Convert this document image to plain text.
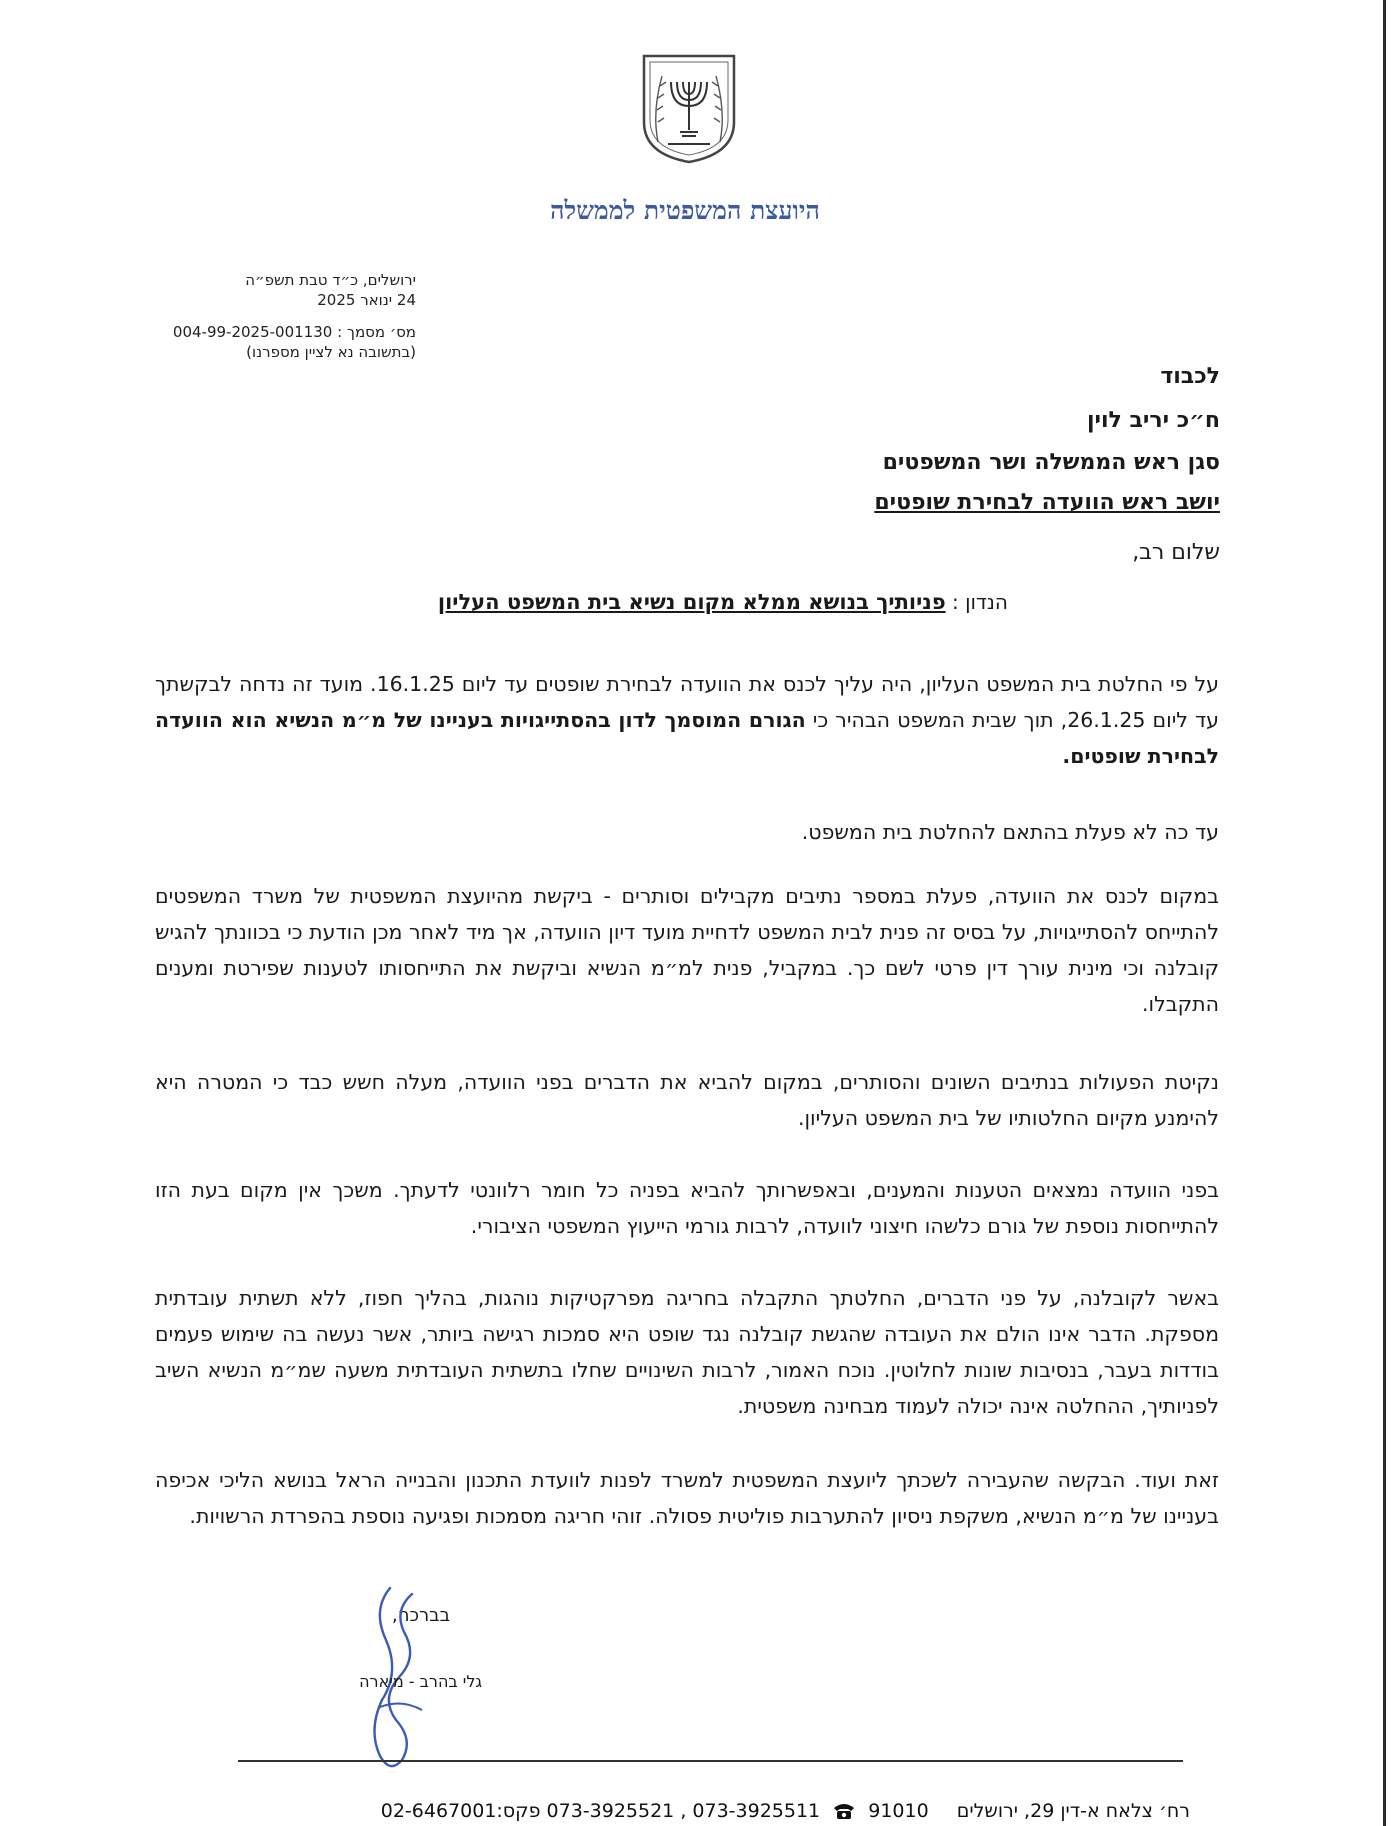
היועצת המשפטית לממשלה
ירושלים, כ״ד טבת תשפ״ה
24 ינואר 2025
מס׳ מסמך : 004-99-2025-001130
(בתשובה נא לציין מספרנו)
לכבוד
ח״כ יריב לוין
סגן ראש הממשלה ושר המשפטים
יושב ראש הוועדה לבחירת שופטים
שלום רב,
הנדון : פניותיך בנושא ממלא מקום נשיא בית המשפט העליון
על פי החלטת בית המשפט העליון, היה עליך לכנס את הוועדה לבחירת שופטים עד ליום 16.1.25. מועד זה נדחה לבקשתך עד ליום 26.1.25, תוך שבית המשפט הבהיר כי הגורם המוסמך לדון בהסתייגויות בעניינו של מ״מ הנשיא הוא הוועדה לבחירת שופטים.
עד כה לא פעלת בהתאם להחלטת בית המשפט.
במקום לכנס את הוועדה, פעלת במספר נתיבים מקבילים וסותרים - ביקשת מהיועצת המשפטית של משרד המשפטים להתייחס להסתייגויות, על בסיס זה פנית לבית המשפט לדחיית מועד דיון הוועדה, אך מיד לאחר מכן הודעת כי בכוונתך להגיש קובלנה וכי מינית עורך דין פרטי לשם כך. במקביל, פנית למ״מ הנשיא וביקשת את התייחסותו לטענות שפירטת ומענים התקבלו.
נקיטת הפעולות בנתיבים השונים והסותרים, במקום להביא את הדברים בפני הוועדה, מעלה חשש כבד כי המטרה היא להימנע מקיום החלטותיו של בית המשפט העליון.
בפני הוועדה נמצאים הטענות והמענים, ובאפשרותך להביא בפניה כל חומר רלוונטי לדעתך. משכך אין מקום בעת הזו להתייחסות נוספת של גורם כלשהו חיצוני לוועדה, לרבות גורמי הייעוץ המשפטי הציבורי.
באשר לקובלנה, על פני הדברים, החלטתך התקבלה בחריגה מפרקטיקות נוהגות, בהליך חפוז, ללא תשתית עובדתית מספקת. הדבר אינו הולם את העובדה שהגשת קובלנה נגד שופט היא סמכות רגישה ביותר, אשר נעשה בה שימוש פעמים בודדות בעבר, בנסיבות שונות לחלוטין. נוכח האמור, לרבות השינויים שחלו בתשתית העובדתית משעה שמ״מ הנשיא השיב לפניותיך, ההחלטה אינה יכולה לעמוד מבחינה משפטית.
זאת ועוד. הבקשה שהעבירה לשכתך ליועצת המשפטית למשרד לפנות לוועדת התכנון והבנייה הראל בנושא הליכי אכיפה בעניינו של מ״מ הנשיא, משקפת ניסיון להתערבות פוליטית פסולה. זוהי חריגה מסמכות ופגיעה נוספת בהפרדת הרשויות.
בברכה,
גלי בהרב - מיארה
רח׳ צלאח א-דין 29, ירושלים 91010  073-3925511 , 073-3925521 פקס:02-6467001
